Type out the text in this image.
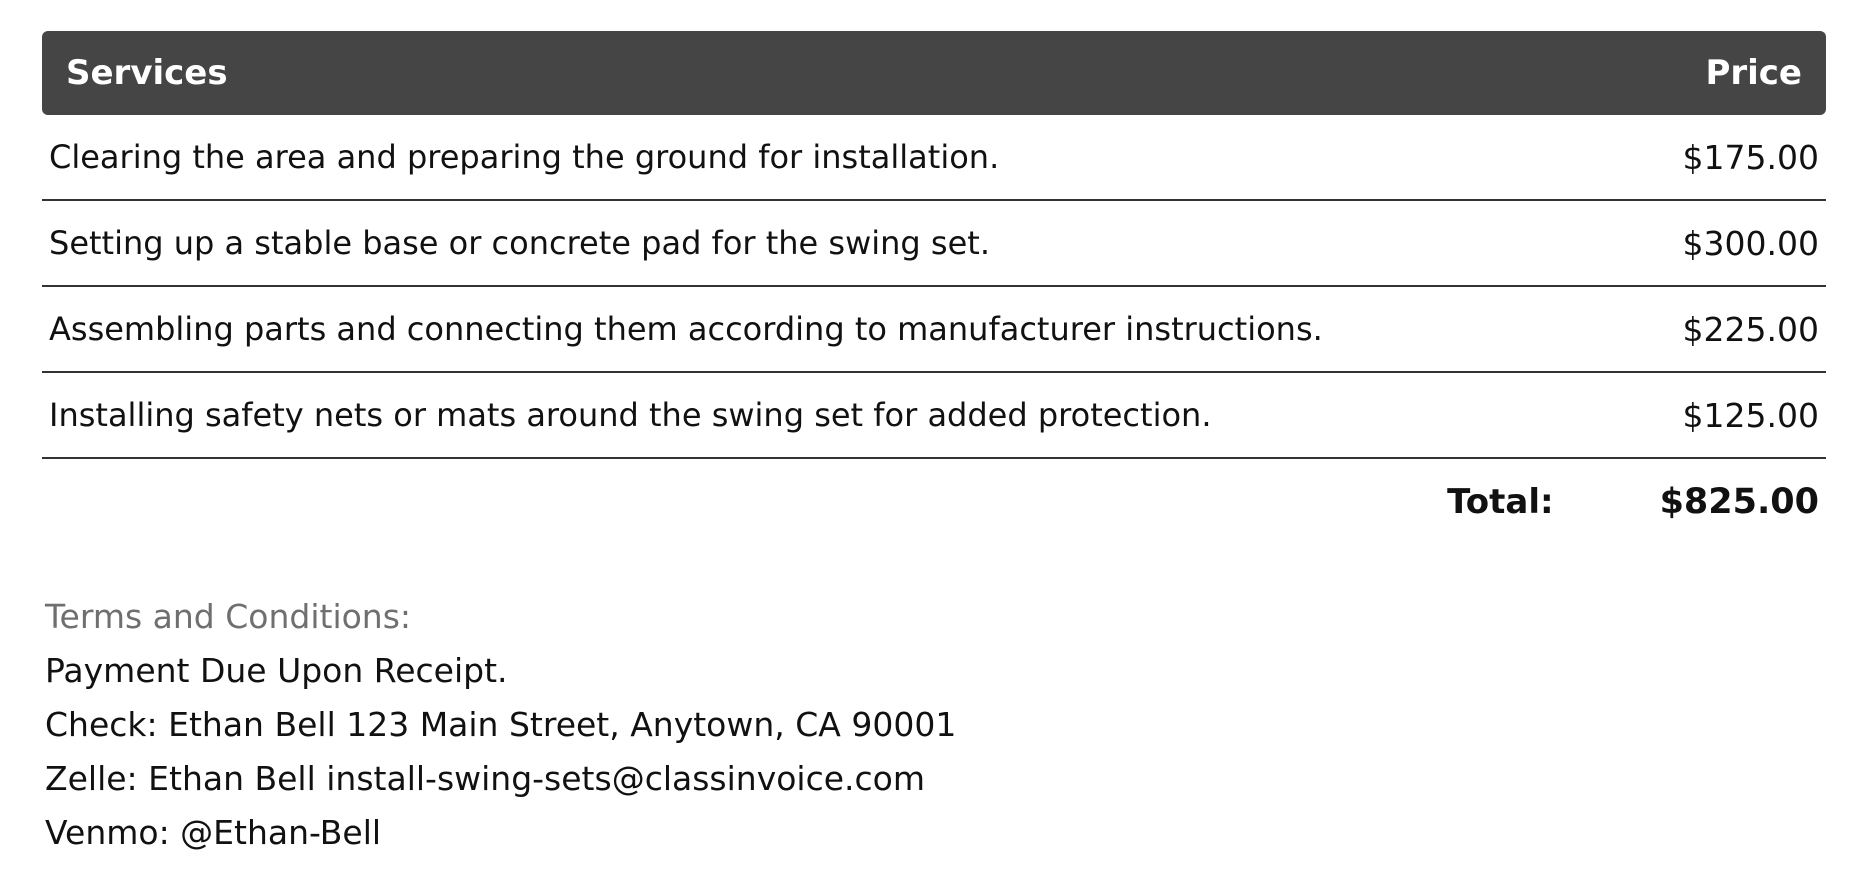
Services	Price
Clearing the area and preparing the ground for installation.	$175.00
Setting up a stable base or concrete pad for the swing set.	$300.00
Assembling parts and connecting them according to manufacturer instructions.	$225.00
Installing safety nets or mats around the swing set for added protection.	$125.00
Total:	$825.00
Terms and Conditions:
Payment Due Upon Receipt.
Check: Ethan Bell 123 Main Street, Anytown, CA 90001
Zelle: Ethan Bell install-swing-sets@classinvoice.com
Venmo: @Ethan-Bell
